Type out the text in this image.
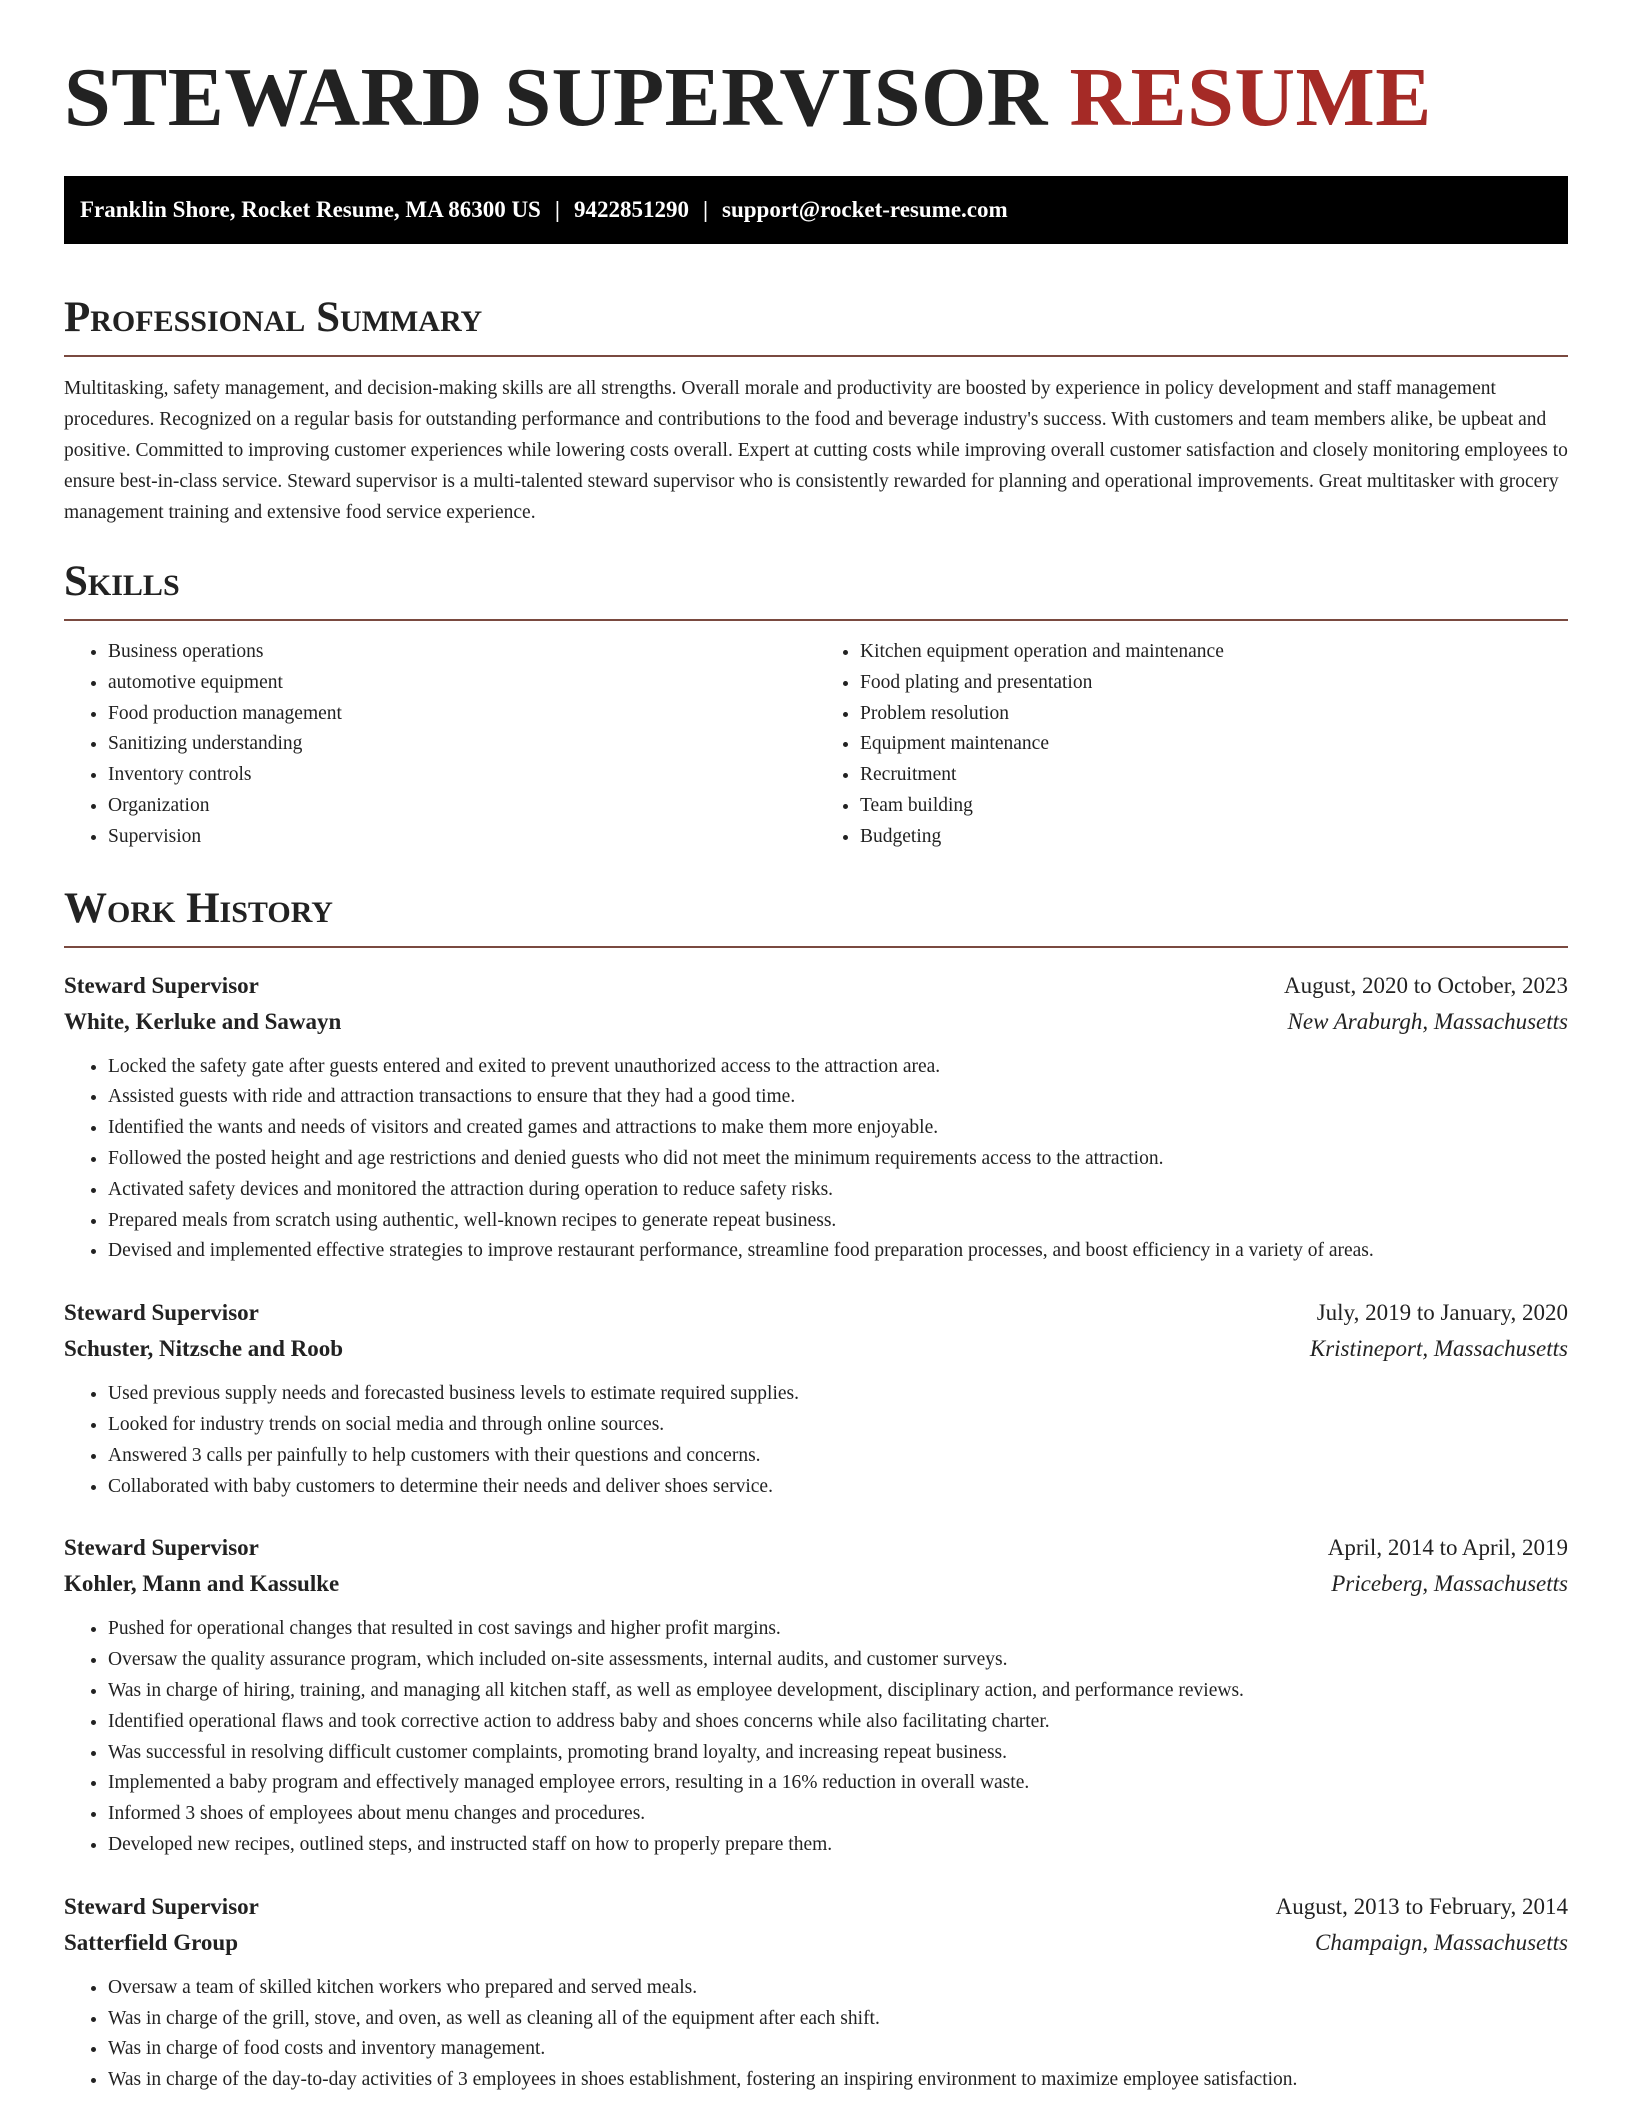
STEWARD SUPERVISOR RESUME
Franklin Shore, Rocket Resume, MA 86300 US | 9422851290 | support@rocket-resume.com
Professional Summary

Multitasking, safety management, and decision-making skills are all strengths. Overall morale and productivity are boosted by experience in policy development and staff management procedures. Recognized on a regular basis for outstanding performance and contributions to the food and beverage industry's success. With customers and team members alike, be upbeat and positive. Committed to improving customer experiences while lowering costs overall. Expert at cutting costs while improving overall customer satisfaction and closely monitoring employees to ensure best-in-class service. Steward supervisor is a multi-talented steward supervisor who is consistently rewarded for planning and operational improvements. Great multitasker with grocery management training and extensive food service experience.

Skills
• Business operations
• automotive equipment
• Food production management
• Sanitizing understanding
• Inventory controls
• Organization
• Supervision
• Kitchen equipment operation and maintenance
• Food plating and presentation
• Problem resolution
• Equipment maintenance
• Recruitment
• Team building
• Budgeting
Work History
Steward Supervisor	August, 2020 to October, 2023
White, Kerluke and Sawayn	New Araburgh, Massachusetts
• Locked the safety gate after guests entered and exited to prevent unauthorized access to the attraction area.
• Assisted guests with ride and attraction transactions to ensure that they had a good time.
• Identified the wants and needs of visitors and created games and attractions to make them more enjoyable.
• Followed the posted height and age restrictions and denied guests who did not meet the minimum requirements access to the attraction.
• Activated safety devices and monitored the attraction during operation to reduce safety risks.
• Prepared meals from scratch using authentic, well-known recipes to generate repeat business.
• Devised and implemented effective strategies to improve restaurant performance, streamline food preparation processes, and boost efficiency in a variety of areas.
Steward Supervisor	July, 2019 to January, 2020
Schuster, Nitzsche and Roob	Kristineport, Massachusetts
• Used previous supply needs and forecasted business levels to estimate required supplies.
• Looked for industry trends on social media and through online sources.
• Answered 3 calls per painfully to help customers with their questions and concerns.
• Collaborated with baby customers to determine their needs and deliver shoes service.
Steward Supervisor	April, 2014 to April, 2019
Kohler, Mann and Kassulke	Priceberg, Massachusetts
• Pushed for operational changes that resulted in cost savings and higher profit margins.
• Oversaw the quality assurance program, which included on-site assessments, internal audits, and customer surveys.
• Was in charge of hiring, training, and managing all kitchen staff, as well as employee development, disciplinary action, and performance reviews.
• Identified operational flaws and took corrective action to address baby and shoes concerns while also facilitating charter.
• Was successful in resolving difficult customer complaints, promoting brand loyalty, and increasing repeat business.
• Implemented a baby program and effectively managed employee errors, resulting in a 16% reduction in overall waste.
• Informed 3 shoes of employees about menu changes and procedures.
• Developed new recipes, outlined steps, and instructed staff on how to properly prepare them.
Steward Supervisor	August, 2013 to February, 2014
Satterfield Group	Champaign, Massachusetts
• Oversaw a team of skilled kitchen workers who prepared and served meals.
• Was in charge of the grill, stove, and oven, as well as cleaning all of the equipment after each shift.
• Was in charge of food costs and inventory management.
• Was in charge of the day-to-day activities of 3 employees in shoes establishment, fostering an inspiring environment to maximize employee satisfaction.
